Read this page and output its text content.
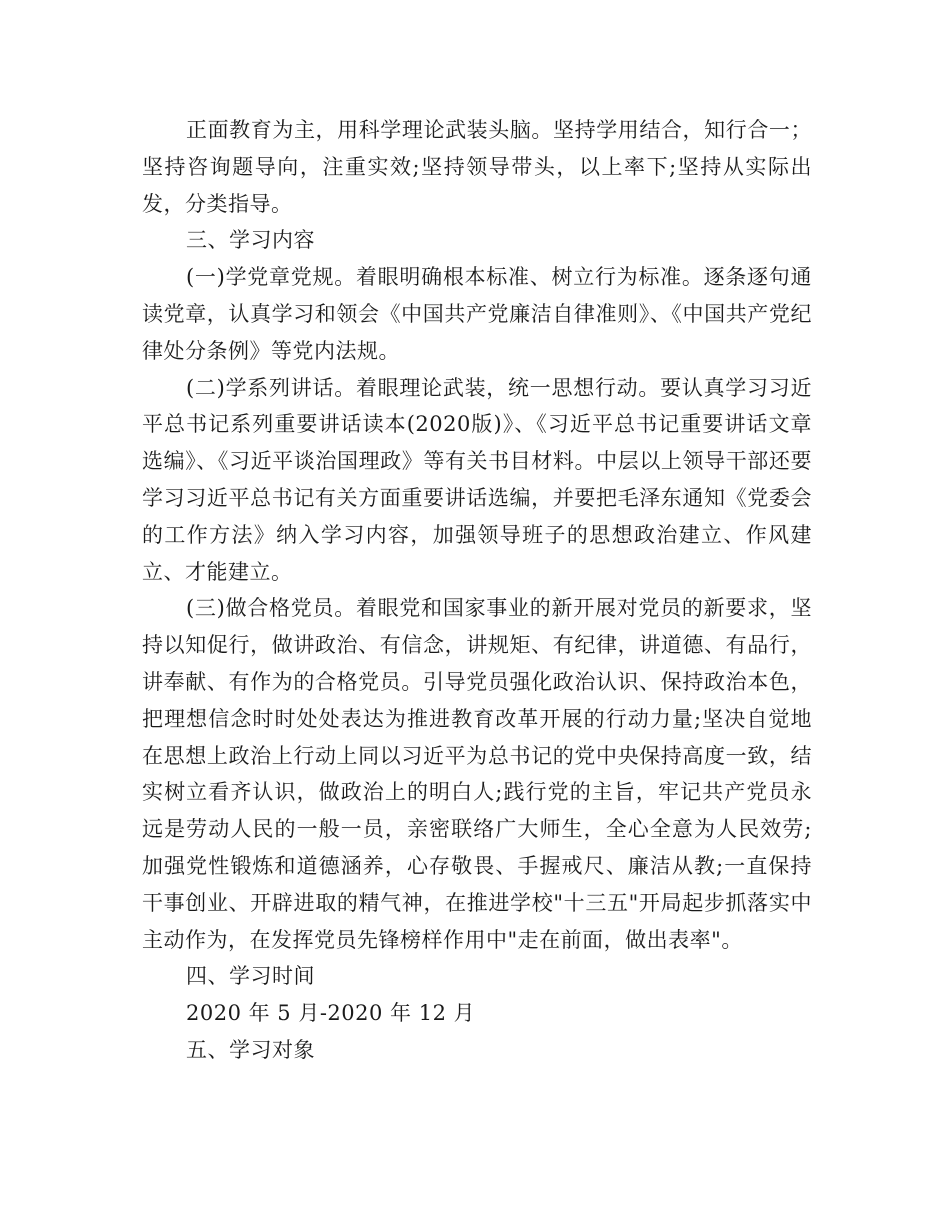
正面教育为主，用科学理论武装头脑。坚持学用结合，知行合一；坚持咨询题导向，注重实效;坚持领导带头，以上率下;坚持从实际出发，分类指导。

三、学习内容

(一)学党章党规。着眼明确根本标准、树立行为标准。逐条逐句通读党章，认真学习和领会《中国共产党廉洁自律准则》、《中国共产党纪律处分条例》等党内法规。

(二)学系列讲话。着眼理论武装，统一思想行动。要认真学习习近平总书记系列重要讲话读本(2020版)》、《习近平总书记重要讲话文章选编》、《习近平谈治国理政》等有关书目材料。中层以上领导干部还要学习习近平总书记有关方面重要讲话选编，并要把毛泽东通知《党委会的工作方法》纳入学习内容，加强领导班子的思想政治建立、作风建立、才能建立。

(三)做合格党员。着眼党和国家事业的新开展对党员的新要求，坚持以知促行，做讲政治、有信念，讲规矩、有纪律，讲道德、有品行，讲奉献、有作为的合格党员。引导党员强化政治认识、保持政治本色，把理想信念时时处处表达为推进教育改革开展的行动力量;坚决自觉地在思想上政治上行动上同以习近平为总书记的党中央保持高度一致，结实树立看齐认识，做政治上的明白人;践行党的主旨，牢记共产党员永远是劳动人民的一般一员，亲密联络广大师生，全心全意为人民效劳;加强党性锻炼和道德涵养，心存敬畏、手握戒尺、廉洁从教;一直保持干事创业、开辟进取的精气神，在推进学校"十三五"开局起步抓落实中主动作为，在发挥党员先锋榜样作用中"走在前面，做出表率"。

四、学习时间

2020 年 5 月-2020 年 12 月

五、学习对象
